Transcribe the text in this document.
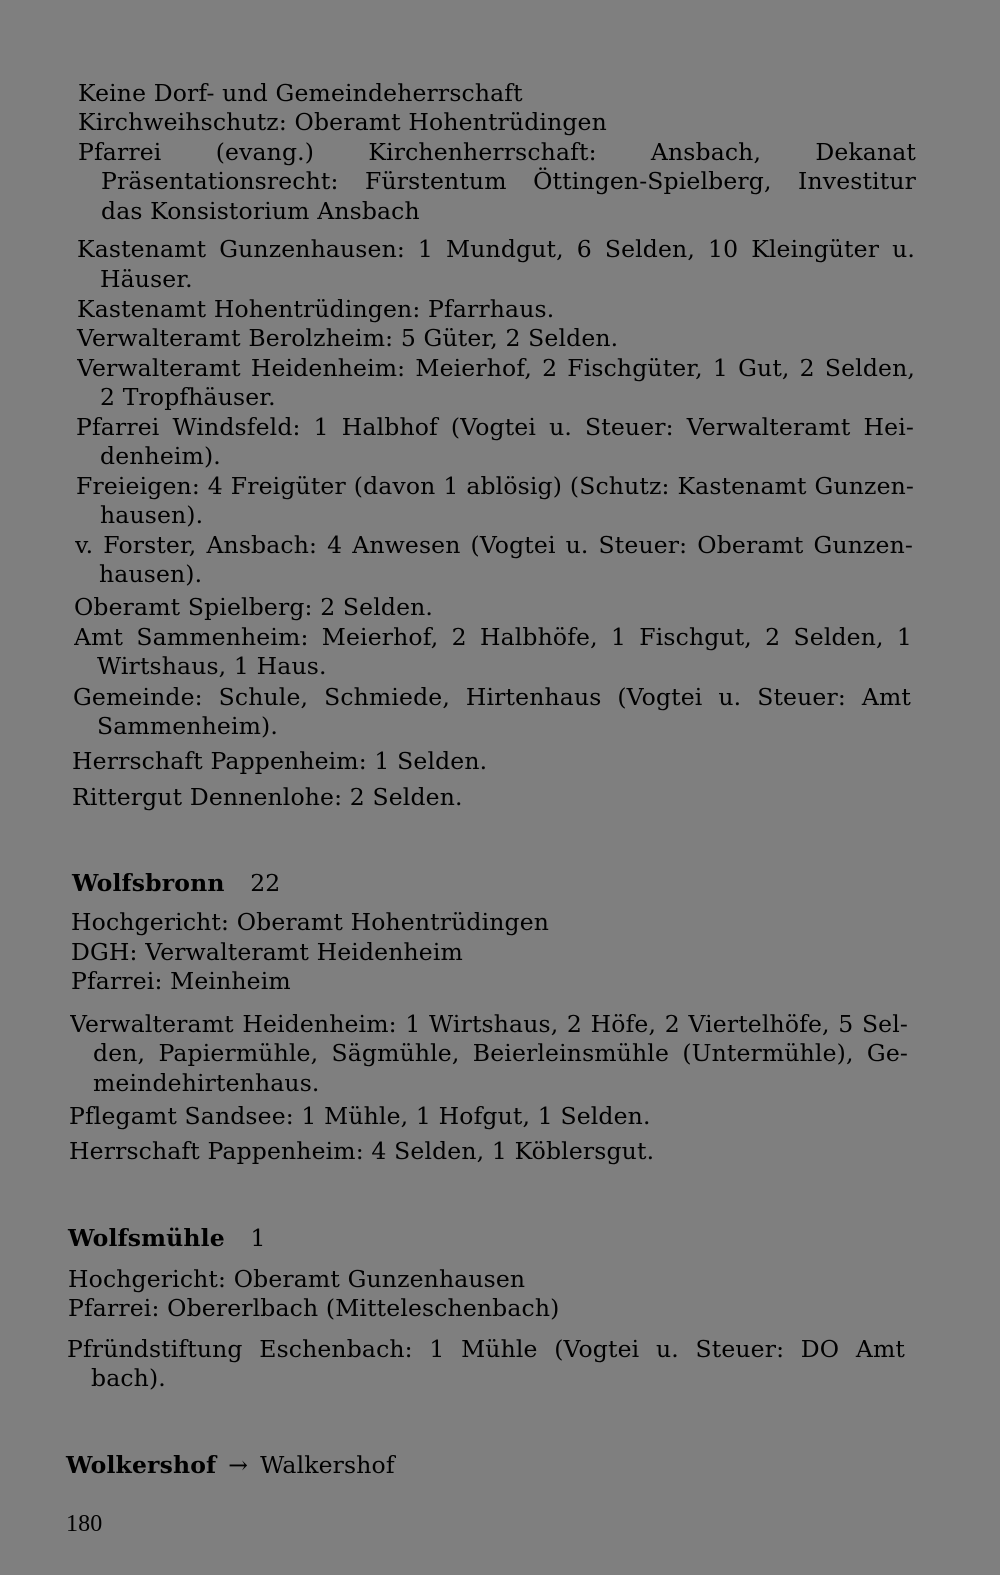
Keine Dorf- und Gemeindeherrschaft
Kirchweihschutz: Oberamt Hohentrüdingen
Pfarrei (evang.) Kirchenherrschaft: Ansbach, Dekanat
Präsentationsrecht: Fürstentum Öttingen-Spielberg, Investitur
das Konsistorium Ansbach
Kastenamt Gunzenhausen: 1 Mundgut, 6 Selden, 10 Kleingüter u.
Häuser.
Kastenamt Hohentrüdingen: Pfarrhaus.
Verwalteramt Berolzheim: 5 Güter, 2 Selden.
Verwalteramt Heidenheim: Meierhof, 2 Fischgüter, 1 Gut, 2 Selden,
2 Tropfhäuser.
Pfarrei Windsfeld: 1 Halbhof (Vogtei u. Steuer: Verwalteramt Hei-
denheim).
Freieigen: 4 Freigüter (davon 1 ablösig) (Schutz: Kastenamt Gunzen-
hausen).
v. Forster, Ansbach: 4 Anwesen (Vogtei u. Steuer: Oberamt Gunzen-
hausen).
Oberamt Spielberg: 2 Selden.
Amt Sammenheim: Meierhof, 2 Halbhöfe, 1 Fischgut, 2 Selden, 1
Wirtshaus, 1 Haus.
Gemeinde: Schule, Schmiede, Hirtenhaus (Vogtei u. Steuer: Amt
Sammenheim).
Herrschaft Pappenheim: 1 Selden.
Rittergut Dennenlohe: 2 Selden.
Wolfsbronn 22
Hochgericht: Oberamt Hohentrüdingen
DGH: Verwalteramt Heidenheim
Pfarrei: Meinheim
Verwalteramt Heidenheim: 1 Wirtshaus, 2 Höfe, 2 Viertelhöfe, 5 Sel-
den, Papiermühle, Sägmühle, Beierleinsmühle (Untermühle), Ge-
meindehirtenhaus.
Pflegamt Sandsee: 1 Mühle, 1 Hofgut, 1 Selden.
Herrschaft Pappenheim: 4 Selden, 1 Köblersgut.
Wolfsmühle 1
Hochgericht: Oberamt Gunzenhausen
Pfarrei: Obererlbach (Mitteleschenbach)
Pfründstiftung Eschenbach: 1 Mühle (Vogtei u. Steuer: DO Amt
bach).
Wolkershof → Walkershof
180
